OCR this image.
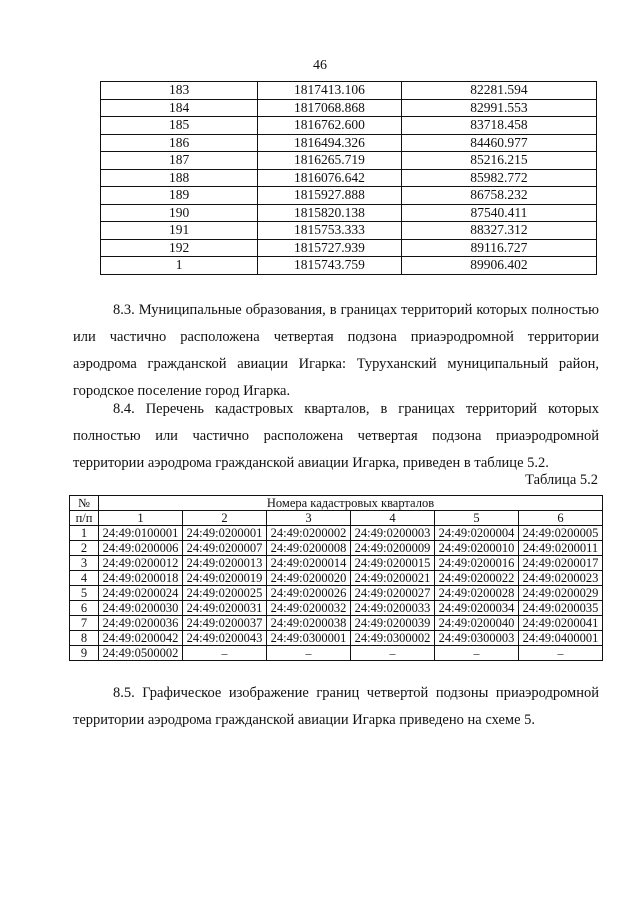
46
183	1817413.106	82281.594
184	1817068.868	82991.553
185	1816762.600	83718.458
186	1816494.326	84460.977
187	1816265.719	85216.215
188	1816076.642	85982.772
189	1815927.888	86758.232
190	1815820.138	87540.411
191	1815753.333	88327.312
192	1815727.939	89116.727
1	1815743.759	89906.402

8.3. Муниципальные образования, в границах территорий которых полностью или частично расположена четвертая подзона приаэродромной территории аэродрома гражданской авиации Игарка: Туруханский муниципальный район, городское поселение город Игарка.

8.4. Перечень кадастровых кварталов, в границах территорий которых полностью или частично расположена четвертая подзона приаэродромной территории аэродрома гражданской авиации Игарка, приведен в таблице 5.2.

Таблица 5.2
№	Номера кадастровых кварталов					
п/п	1	2	3	4	5	6
1	24:49:0100001	24:49:0200001	24:49:0200002	24:49:0200003	24:49:0200004	24:49:0200005
2	24:49:0200006	24:49:0200007	24:49:0200008	24:49:0200009	24:49:0200010	24:49:0200011
3	24:49:0200012	24:49:0200013	24:49:0200014	24:49:0200015	24:49:0200016	24:49:0200017
4	24:49:0200018	24:49:0200019	24:49:0200020	24:49:0200021	24:49:0200022	24:49:0200023
5	24:49:0200024	24:49:0200025	24:49:0200026	24:49:0200027	24:49:0200028	24:49:0200029
6	24:49:0200030	24:49:0200031	24:49:0200032	24:49:0200033	24:49:0200034	24:49:0200035
7	24:49:0200036	24:49:0200037	24:49:0200038	24:49:0200039	24:49:0200040	24:49:0200041
8	24:49:0200042	24:49:0200043	24:49:0300001	24:49:0300002	24:49:0300003	24:49:0400001
9	24:49:0500002	–	–	–	–	–

8.5. Графическое изображение границ четвертой подзоны приаэродромной территории аэродрома гражданской авиации Игарка приведено на схеме 5.
